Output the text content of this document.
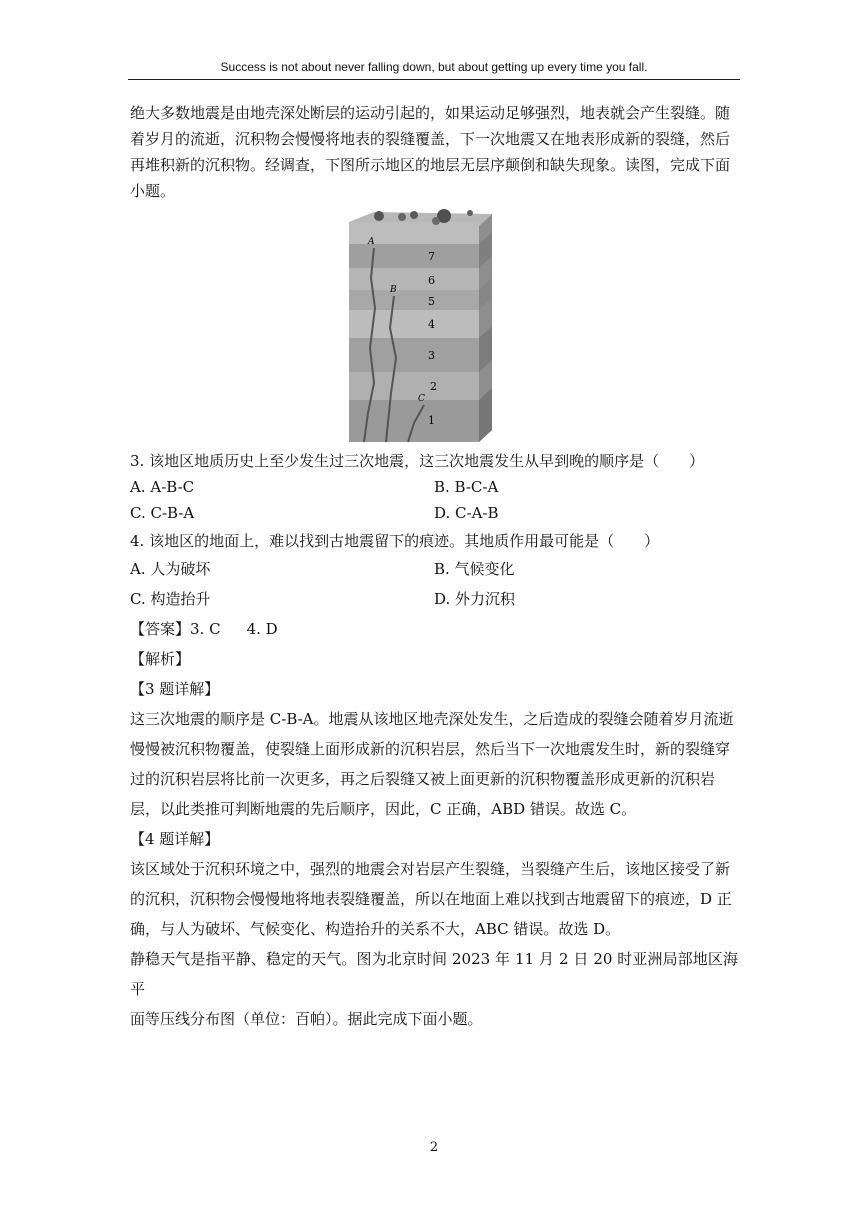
Success is not about never falling down, but about getting up every time you fall.

绝大多数地震是由地壳深处断层的运动引起的，如果运动足够强烈，地表就会产生裂缝。随

着岁月的流逝，沉积物会慢慢将地表的裂缝覆盖，下一次地震又在地表形成新的裂缝，然后

再堆积新的沉积物。经调查，下图所示地区的地层无层序颠倒和缺失现象。读图，完成下面

小题。

A
B
C
7
6
5
4
3
2
1

3. 该地区地质历史上至少发生过三次地震，这三次地震发生从早到晚的顺序是（　　）

A. A-B-C	B. B-C-A
C. C-B-A	D. C-A-B

4. 该地区的地面上，难以找到古地震留下的痕迹。其地质作用最可能是（　　）

A. 人为破坏	B. 气候变化
C. 构造抬升	D. 外力沉积

【答案】3. C 4. D

【解析】

【3 题详解】

这三次地震的顺序是 C-B-A。地震从该地区地壳深处发生，之后造成的裂缝会随着岁月流逝

慢慢被沉积物覆盖，使裂缝上面形成新的沉积岩层，然后当下一次地震发生时，新的裂缝穿

过的沉积岩层将比前一次更多，再之后裂缝又被上面更新的沉积物覆盖形成更新的沉积岩

层，以此类推可判断地震的先后顺序，因此，C 正确，ABD 错误。故选 C。

【4 题详解】

该区域处于沉积环境之中，强烈的地震会对岩层产生裂缝，当裂缝产生后，该地区接受了新

的沉积，沉积物会慢慢地将地表裂缝覆盖，所以在地面上难以找到古地震留下的痕迹，D 正

确，与人为破坏、气候变化、构造抬升的关系不大，ABC 错误。故选 D。

静稳天气是指平静、稳定的天气。图为北京时间 2023 年 11 月 2 日 20 时亚洲局部地区海平

面等压线分布图（单位：百帕）。据此完成下面小题。

2
